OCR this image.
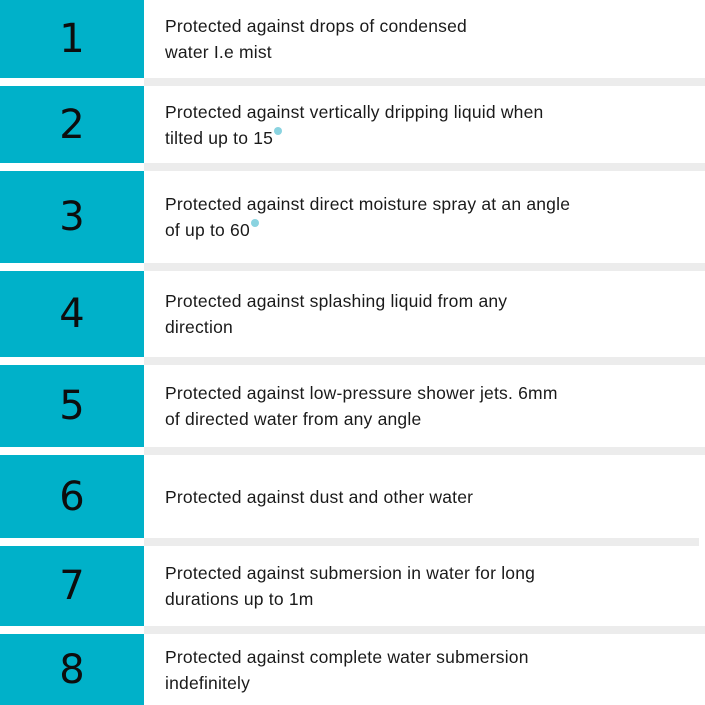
1	Protected against drops of condensed
water I.e mist
2	Protected against vertically dripping liquid when
tilted up to 15
3	Protected against direct moisture spray at an angle
of up to 60
4	Protected against splashing liquid from any
direction
5	Protected against low-pressure shower jets. 6mm
of directed water from any angle
6	Protected against dust and other water
7	Protected against submersion in water for long
durations up to 1m
8	Protected against complete water submersion
indefinitely
